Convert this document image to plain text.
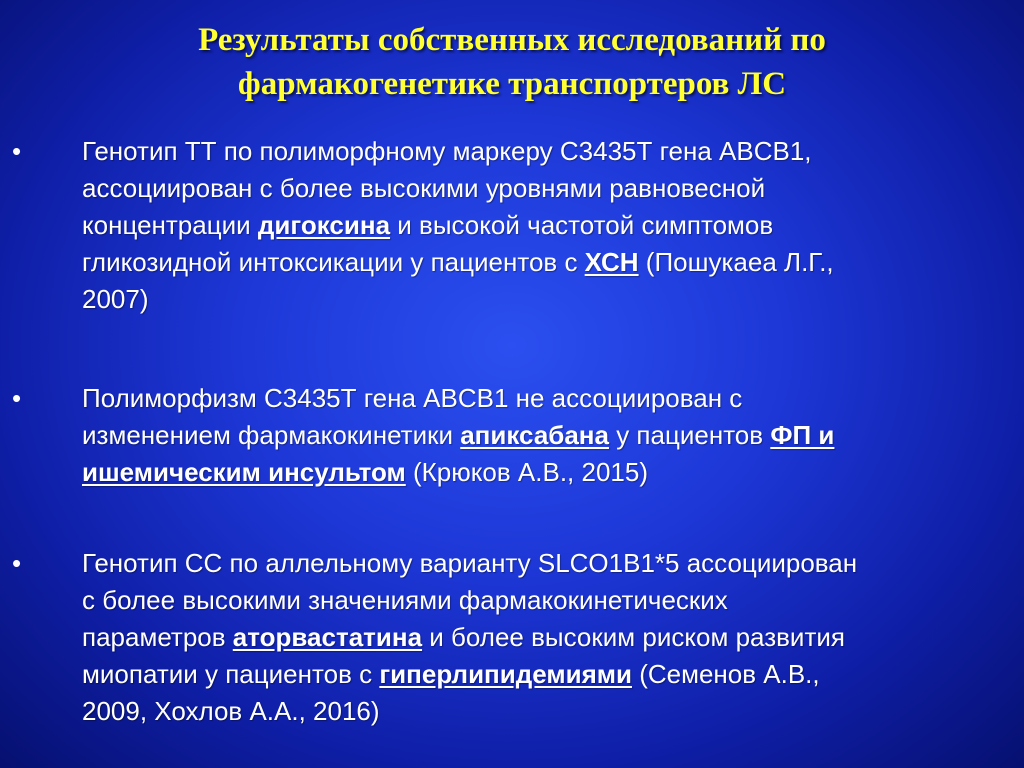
Результаты собственных исследований по
фармакогенетике транспортеров ЛС
• Генотип ТТ по полиморфному маркеру С3435Т гена ABCB1,
ассоциирован с более высокими уровнями равновесной
концентрации дигоксина и высокой частотой симптомов
гликозидной интоксикации у пациентов с ХСН (Пошукаеа Л.Г.,
2007)
• Полиморфизм С3435Т гена ABCB1 не ассоциирован с
изменением фармакокинетики апиксабана у пациентов ФП и
ишемическим инсультом (Крюков А.В., 2015)
• Генотип СС по аллельному варианту SLCO1B1*5 ассоциирован
с более высокими значениями фармакокинетических
параметров аторвастатина и более высоким риском развития
миопатии у пациентов с гиперлипидемиями (Семенов А.В.,
2009, Хохлов А.А., 2016)
